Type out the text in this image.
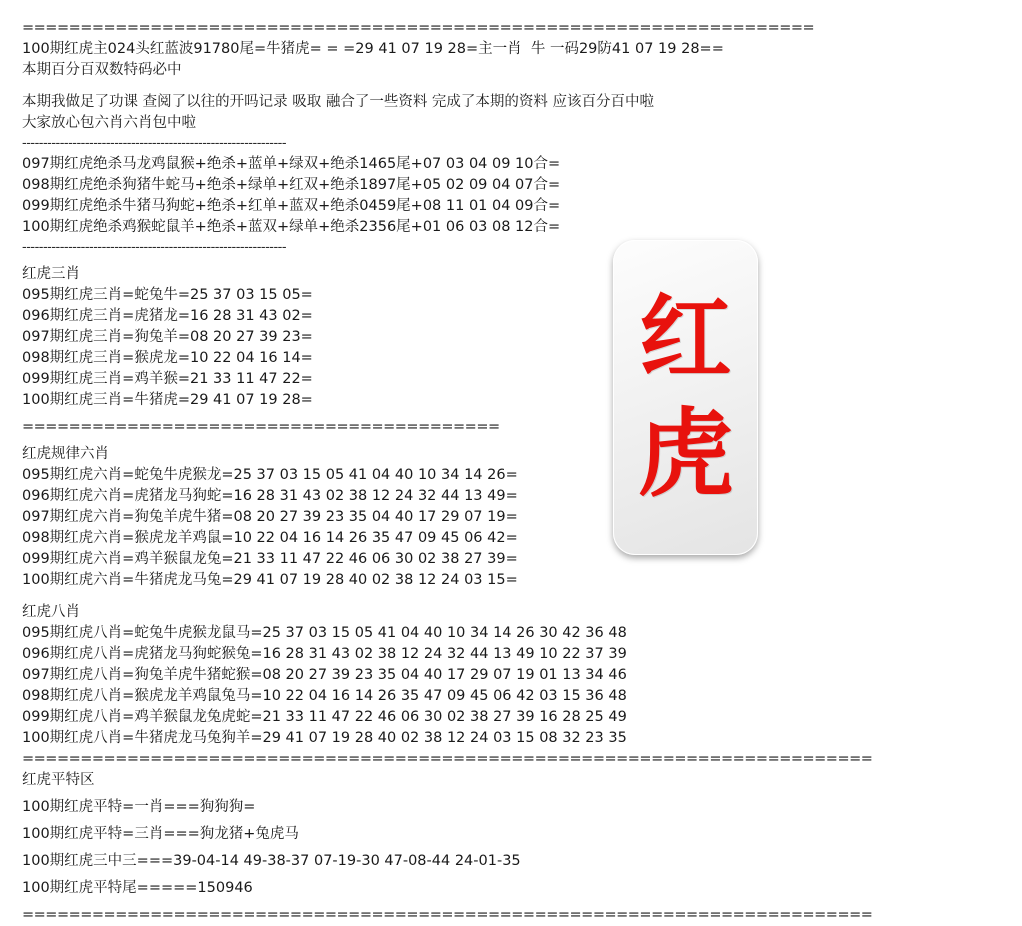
====================================================================
100期红虎主024头红蓝波91780尾=牛猪虎= = =29 41 07 19 28=主一肖  牛 一码29防41 07 19 28==
本期百分百双数特码必中
本期我做足了功课 查阅了以往的开吗记录 吸取 融合了一些资料 完成了本期的资料 应该百分百中啦
大家放心包六肖六肖包中啦
---------------------------------------------------------------
097期红虎绝杀马龙鸡鼠猴+绝杀+蓝单+绿双+绝杀1465尾+07 03 04 09 10合=
098期红虎绝杀狗猪牛蛇马+绝杀+绿单+红双+绝杀1897尾+05 02 09 04 07合=
099期红虎绝杀牛猪马狗蛇+绝杀+红单+蓝双+绝杀0459尾+08 11 01 04 09合=
100期红虎绝杀鸡猴蛇鼠羊+绝杀+蓝双+绿单+绝杀2356尾+01 06 03 08 12合=
---------------------------------------------------------------
红虎三肖
095期红虎三肖=蛇兔牛=25 37 03 15 05=
096期红虎三肖=虎猪龙=16 28 31 43 02=
097期红虎三肖=狗兔羊=08 20 27 39 23=
098期红虎三肖=猴虎龙=10 22 04 16 14=
099期红虎三肖=鸡羊猴=21 33 11 47 22=
100期红虎三肖=牛猪虎=29 41 07 19 28=
=========================================
红虎规律六肖
095期红虎六肖=蛇兔牛虎猴龙=25 37 03 15 05 41 04 40 10 34 14 26=
096期红虎六肖=虎猪龙马狗蛇=16 28 31 43 02 38 12 24 32 44 13 49=
097期红虎六肖=狗兔羊虎牛猪=08 20 27 39 23 35 04 40 17 29 07 19=
098期红虎六肖=猴虎龙羊鸡鼠=10 22 04 16 14 26 35 47 09 45 06 42=
099期红虎六肖=鸡羊猴鼠龙兔=21 33 11 47 22 46 06 30 02 38 27 39=
100期红虎六肖=牛猪虎龙马兔=29 41 07 19 28 40 02 38 12 24 03 15=
红虎八肖
095期红虎八肖=蛇兔牛虎猴龙鼠马=25 37 03 15 05 41 04 40 10 34 14 26 30 42 36 48
096期红虎八肖=虎猪龙马狗蛇猴兔=16 28 31 43 02 38 12 24 32 44 13 49 10 22 37 39
097期红虎八肖=狗兔羊虎牛猪蛇猴=08 20 27 39 23 35 04 40 17 29 07 19 01 13 34 46
098期红虎八肖=猴虎龙羊鸡鼠兔马=10 22 04 16 14 26 35 47 09 45 06 42 03 15 36 48
099期红虎八肖=鸡羊猴鼠龙兔虎蛇=21 33 11 47 22 46 06 30 02 38 27 39 16 28 25 49
100期红虎八肖=牛猪虎龙马兔狗羊=29 41 07 19 28 40 02 38 12 24 03 15 08 32 23 35
=========================================================================
红虎平特区
100期红虎平特=一肖===狗狗狗=
100期红虎平特=三肖===狗龙猪+兔虎马
100期红虎三中三===39-04-14 49-38-37 07-19-30 47-08-44 24-01-35
100期红虎平特尾=====150946
=========================================================================
红
虎
